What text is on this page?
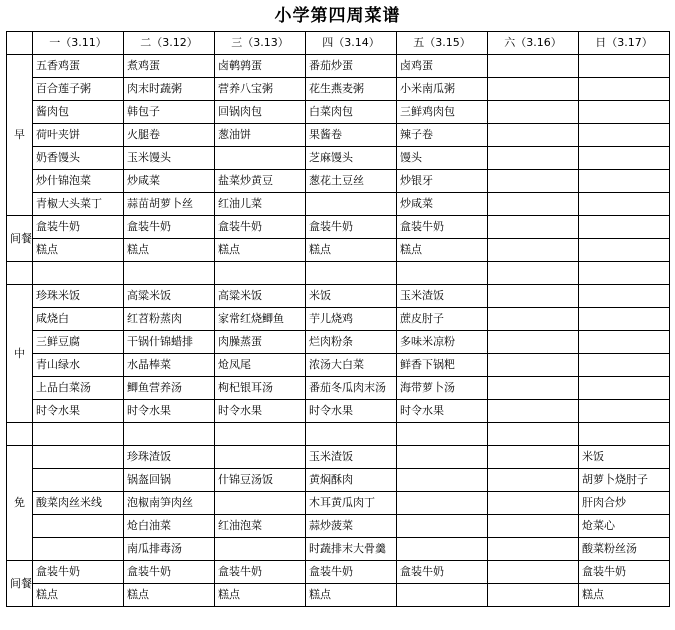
小学第四周菜谱
	一（3.11）	二（3.12）	三（3.13）	四（3.14）	五（3.15）	六（3.16）	日（3.17）
早	五香鸡蛋	煮鸡蛋	卤鹌鹑蛋	番茄炒蛋	卤鸡蛋		
	百合莲子粥	肉末时蔬粥	营养八宝粥	花生燕麦粥	小米南瓜粥		
	酱肉包	韩包子	回锅肉包	白菜肉包	三鲜鸡肉包		
	荷叶夹饼	火腿卷	葱油饼	果酱卷	辣子卷		
	奶香馒头	玉米馒头		芝麻馒头	馒头		
	炒什锦泡菜	炒咸菜	盐菜炒黄豆	葱花土豆丝	炒银牙		
	青椒大头菜丁	蒜苗胡萝卜丝	红油儿菜		炒咸菜		
间餐	盒装牛奶	盒装牛奶	盒装牛奶	盒装牛奶	盒装牛奶		
	糕点	糕点	糕点	糕点	糕点		

中	珍珠米饭	高粱米饭	高粱米饭	米饭	玉米渣饭		
	咸烧白	红苕粉蒸肉	家常红烧鲫鱼	芋儿烧鸡	蔗皮肘子		
	三鲜豆腐	干锅什锦蜡排	肉臊蒸蛋	烂肉粉条	多味米凉粉		
	青山绿水	水晶棒菜	炝凤尾	浓汤大白菜	鲜香下锅粑		
	上品白菜汤	鲫鱼营养汤	枸杞银耳汤	番茄冬瓜肉末汤	海带萝卜汤		
	时令水果	时令水果	时令水果	时令水果	时令水果		

免		珍珠渣饭		玉米渣饭			米饭
		锅盔回锅	什锦豆汤饭	黄焖酥肉			胡萝卜烧肘子
	酸菜肉丝米线	泡椒南笋肉丝		木耳黄瓜肉丁			肝肉合炒
		炝白油菜	红油泡菜	蒜炒菠菜			炝菜心
		南瓜排毒汤		时蔬排末大骨羹			酸菜粉丝汤
间餐	盒装牛奶	盒装牛奶	盒装牛奶	盒装牛奶	盒装牛奶		盒装牛奶
	糕点	糕点	糕点	糕点			糕点
